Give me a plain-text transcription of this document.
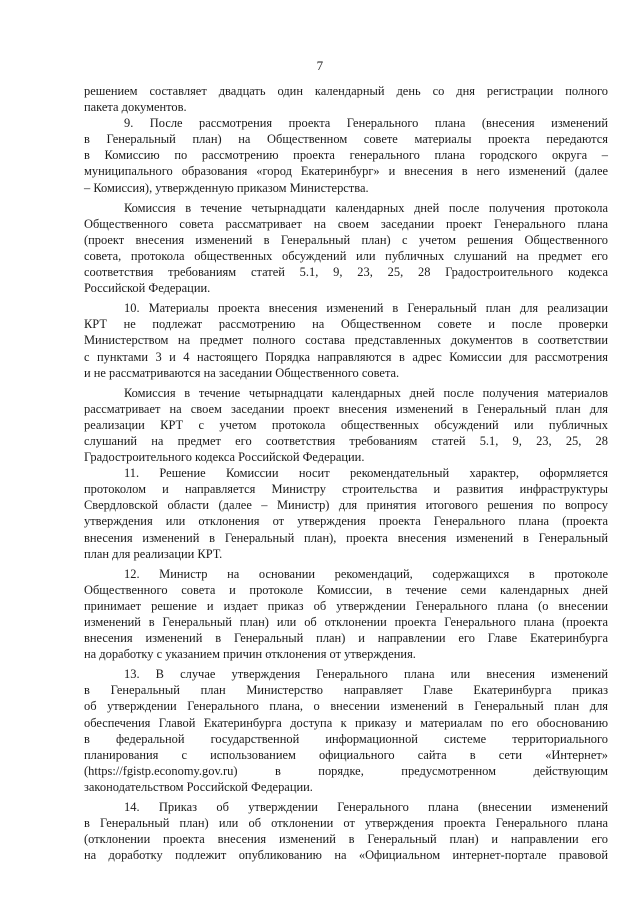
7
решением составляет двадцать один календарный день со дня регистрации полного
пакета документов.
9. После рассмотрения проекта Генерального плана (внесения изменений
в Генеральный план) на Общественном совете материалы проекта передаются
в Комиссию по рассмотрению проекта генерального плана городского округа –
муниципального образования «город Екатеринбург» и внесения в него изменений (далее
– Комиссия), утвержденную приказом Министерства.
Комиссия в течение четырнадцати календарных дней после получения протокола
Общественного совета рассматривает на своем заседании проект Генерального плана
(проект внесения изменений в Генеральный план) с учетом решения Общественного
совета, протокола общественных обсуждений или публичных слушаний на предмет его
соответствия требованиям статей 5.1, 9, 23, 25, 28 Градостроительного кодекса
Российской Федерации.
10. Материалы проекта внесения изменений в Генеральный план для реализации
КРТ не подлежат рассмотрению на Общественном совете и после проверки
Министерством на предмет полного состава представленных документов в соответствии
с пунктами 3 и 4 настоящего Порядка направляются в адрес Комиссии для рассмотрения
и не рассматриваются на заседании Общественного совета.
Комиссия в течение четырнадцати календарных дней после получения материалов
рассматривает на своем заседании проект внесения изменений в Генеральный план для
реализации КРТ с учетом протокола общественных обсуждений или публичных
слушаний на предмет его соответствия требованиям статей 5.1, 9, 23, 25, 28
Градостроительного кодекса Российской Федерации.
11. Решение Комиссии носит рекомендательный характер, оформляется
протоколом и направляется Министру строительства и развития инфраструктуры
Свердловской области (далее – Министр) для принятия итогового решения по вопросу
утверждения или отклонения от утверждения проекта Генерального плана (проекта
внесения изменений в Генеральный план), проекта внесения изменений в Генеральный
план для реализации КРТ.
12. Министр на основании рекомендаций, содержащихся в протоколе
Общественного совета и протоколе Комиссии, в течение семи календарных дней
принимает решение и издает приказ об утверждении Генерального плана (о внесении
изменений в Генеральный план) или об отклонении проекта Генерального плана (проекта
внесения изменений в Генеральный план) и направлении его Главе Екатеринбурга
на доработку с указанием причин отклонения от утверждения.
13. В случае утверждения Генерального плана или внесения изменений
в Генеральный план Министерство направляет Главе Екатеринбурга приказ
об утверждении Генерального плана, о внесении изменений в Генеральный план для
обеспечения Главой Екатеринбурга доступа к приказу и материалам по его обоснованию
в федеральной государственной информационной системе территориального
планирования с использованием официального сайта в сети «Интернет»
(https://fgistp.economy.gov.ru) в порядке, предусмотренном действующим
законодательством Российской Федерации.
14. Приказ об утверждении Генерального плана (внесении изменений
в Генеральный план) или об отклонении от утверждения проекта Генерального плана
(отклонении проекта внесения изменений в Генеральный план) и направлении его
на доработку подлежит опубликованию на «Официальном интернет-портале правовой
